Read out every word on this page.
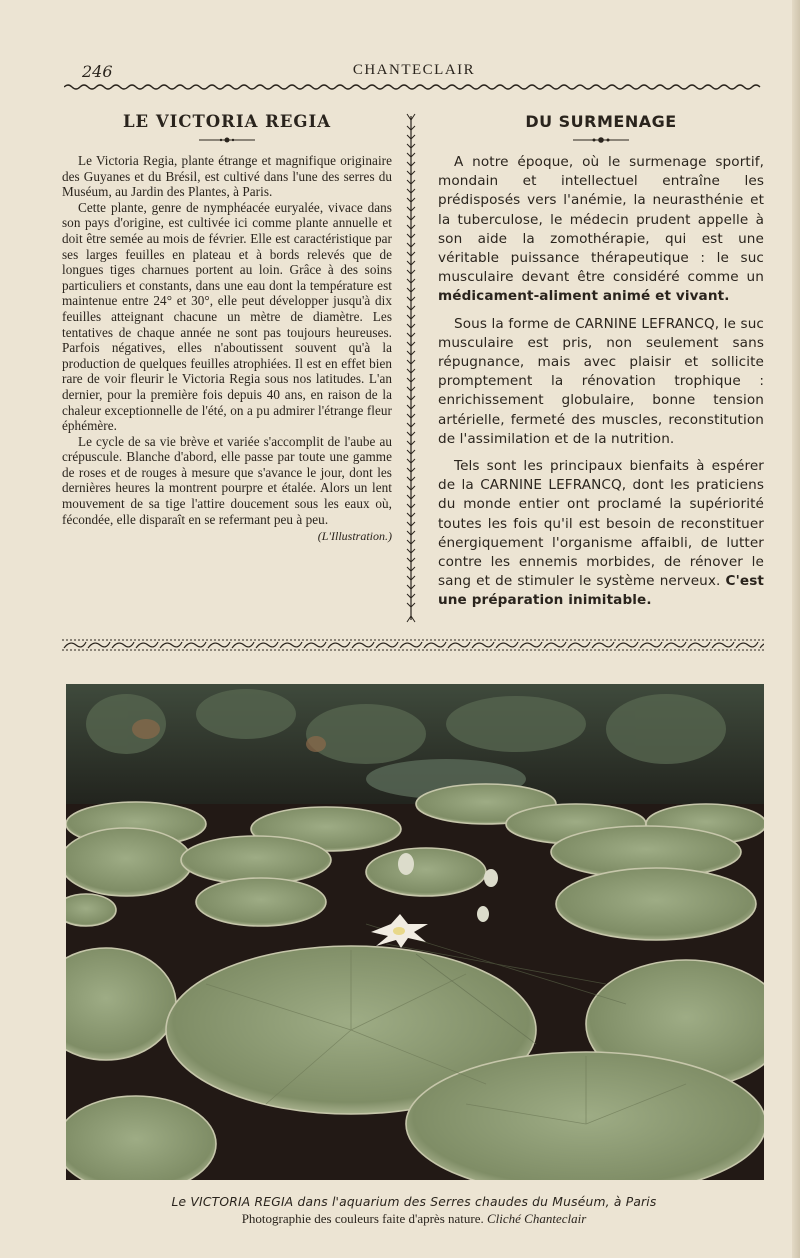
246	CHANTECLAIR
LE VICTORIA REGIA

Le Victoria Regia, plante étrange et magnifique originaire des Guyanes et du Brésil, est cultivé dans l'une des serres du Muséum, au Jardin des Plantes, à Paris.

Cette plante, genre de nymphéacée euryalée, vivace dans son pays d'origine, est cultivée ici comme plante annuelle et doit être semée au mois de février. Elle est caractéristique par ses larges feuilles en plateau et à bords relevés que de longues tiges charnues portent au loin. Grâce à des soins particuliers et constants, dans une eau dont la température est maintenue entre 24° et 30°, elle peut développer jusqu'à dix feuilles atteignant chacune un mètre de diamètre. Les tentatives de chaque année ne sont pas toujours heureuses. Parfois négatives, elles n'aboutissent souvent qu'à la production de quelques feuilles atrophiées. Il est en effet bien rare de voir fleurir le Victoria Regia sous nos latitudes. L'an dernier, pour la première fois depuis 40 ans, en raison de la chaleur exceptionnelle de l'été, on a pu admirer l'étrange fleur éphémère.

Le cycle de sa vie brève et variée s'accomplit de l'aube au crépuscule. Blanche d'abord, elle passe par toute une gamme de roses et de rouges à mesure que s'avance le jour, dont les dernières heures la montrent pourpre et étalée. Alors un lent mouvement de sa tige l'attire doucement sous les eaux où, fécondée, elle disparaît en se refermant peu à peu.

(L'Illustration.)
DU SURMENAGE

A notre époque, où le surmenage sportif, mondain et intellectuel entraîne les prédisposés vers l'anémie, la neurasthénie et la tuberculose, le médecin prudent appelle à son aide la zomothérapie, qui est une véritable puissance thérapeutique : le suc musculaire devant être considéré comme un médicament-aliment animé et vivant.

Sous la forme de CARNINE LEFRANCQ, le suc musculaire est pris, non seulement sans répugnance, mais avec plaisir et sollicite promptement la rénovation trophique : enrichissement globulaire, bonne tension artérielle, fermeté des muscles, reconstitution de l'assimilation et de la nutrition.

Tels sont les principaux bienfaits à espérer de la CARNINE LEFRANCQ, dont les praticiens du monde entier ont proclamé la supériorité toutes les fois qu'il est besoin de reconstituer énergiquement l'organisme affaibli, de lutter contre les ennemis morbides, de rénover le sang et de stimuler le système nerveux. C'est une préparation inimitable.

Le VICTORIA REGIA dans l'aquarium des Serres chaudes du Muséum, à Paris
Photographie des couleurs faite d'après nature. Cliché Chanteclair
